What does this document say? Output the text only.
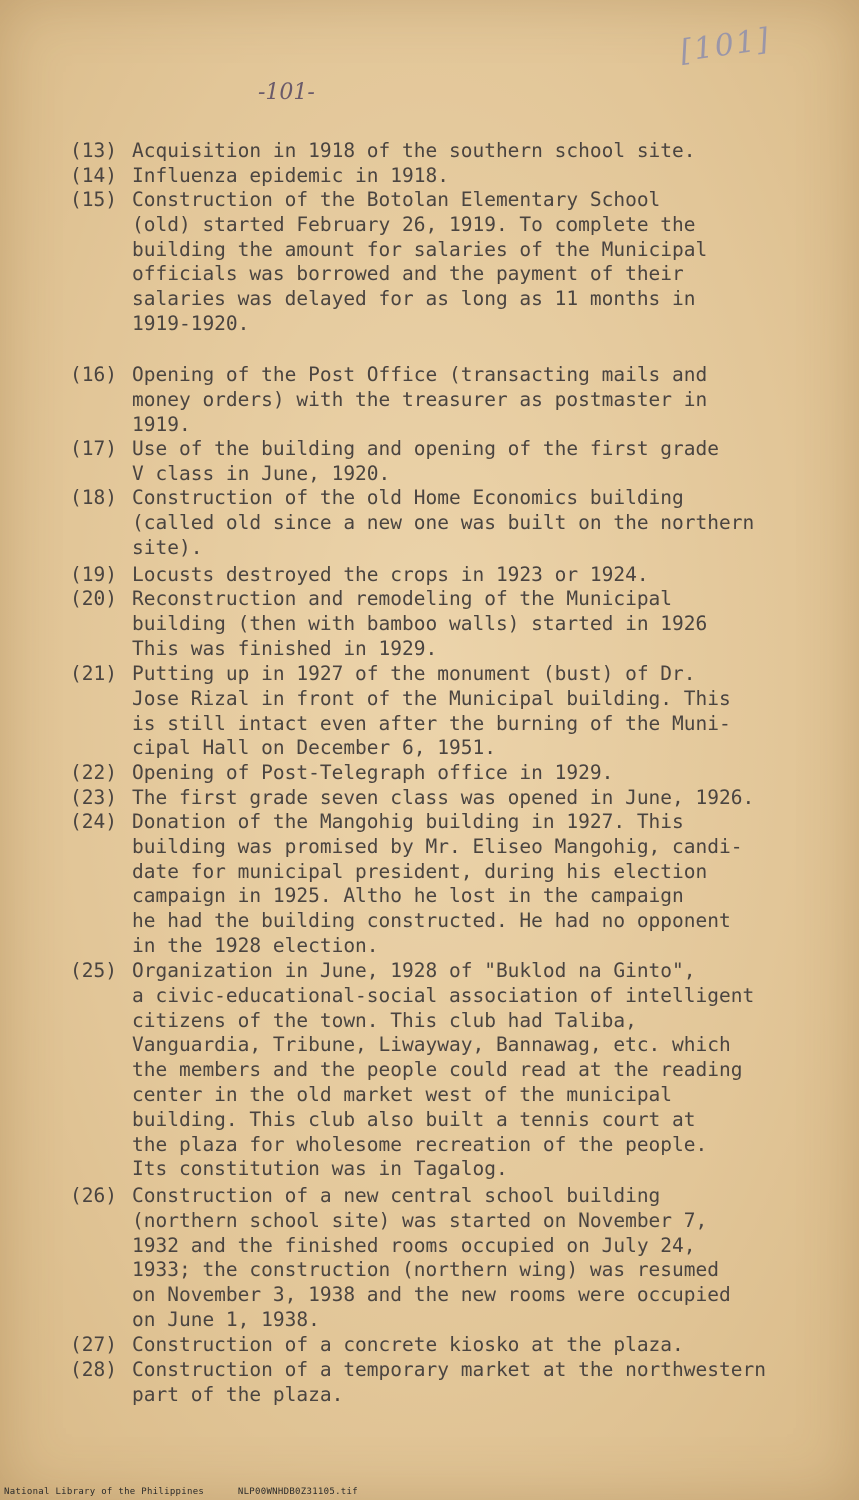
-101-
[101]
(13) Acquisition in 1918 of the southern school site.
(14) Influenza epidemic in 1918.
(15) Construction of the Botolan Elementary School
(old) started February 26, 1919. To complete the
building the amount for salaries of the Municipal
officials was borrowed and the payment of their
salaries was delayed for as long as 11 months in
1919-1920.
(16) Opening of the Post Office (transacting mails and
money orders) with the treasurer as postmaster in
1919.
(17) Use of the building and opening of the first grade
V class in June, 1920.
(18) Construction of the old Home Economics building
(called old since a new one was built on the northern
site).
(19) Locusts destroyed the crops in 1923 or 1924.
(20) Reconstruction and remodeling of the Municipal
building (then with bamboo walls) started in 1926
This was finished in 1929.
(21) Putting up in 1927 of the monument (bust) of Dr.
Jose Rizal in front of the Municipal building. This
is still intact even after the burning of the Muni-
cipal Hall on December 6, 1951.
(22) Opening of Post-Telegraph office in 1929.
(23) The first grade seven class was opened in June, 1926.
(24) Donation of the Mangohig building in 1927. This
building was promised by Mr. Eliseo Mangohig, candi-
date for municipal president, during his election
campaign in 1925. Altho he lost in the campaign
he had the building constructed. He had no opponent
in the 1928 election.
(25) Organization in June, 1928 of "Buklod na Ginto",
a civic-educational-social association of intelligent
citizens of the town. This club had Taliba,
Vanguardia, Tribune, Liwayway, Bannawag, etc. which
the members and the people could read at the reading
center in the old market west of the municipal
building. This club also built a tennis court at
the plaza for wholesome recreation of the people.
Its constitution was in Tagalog.
(26) Construction of a new central school building
(northern school site) was started on November 7,
1932 and the finished rooms occupied on July 24,
1933; the construction (northern wing) was resumed
on November 3, 1938 and the new rooms were occupied
on June 1, 1938.
(27) Construction of a concrete kiosko at the plaza.
(28) Construction of a temporary market at the northwestern
part of the plaza.
National Library of the Philippines	NLP00WNHDB0Z31105.tif
